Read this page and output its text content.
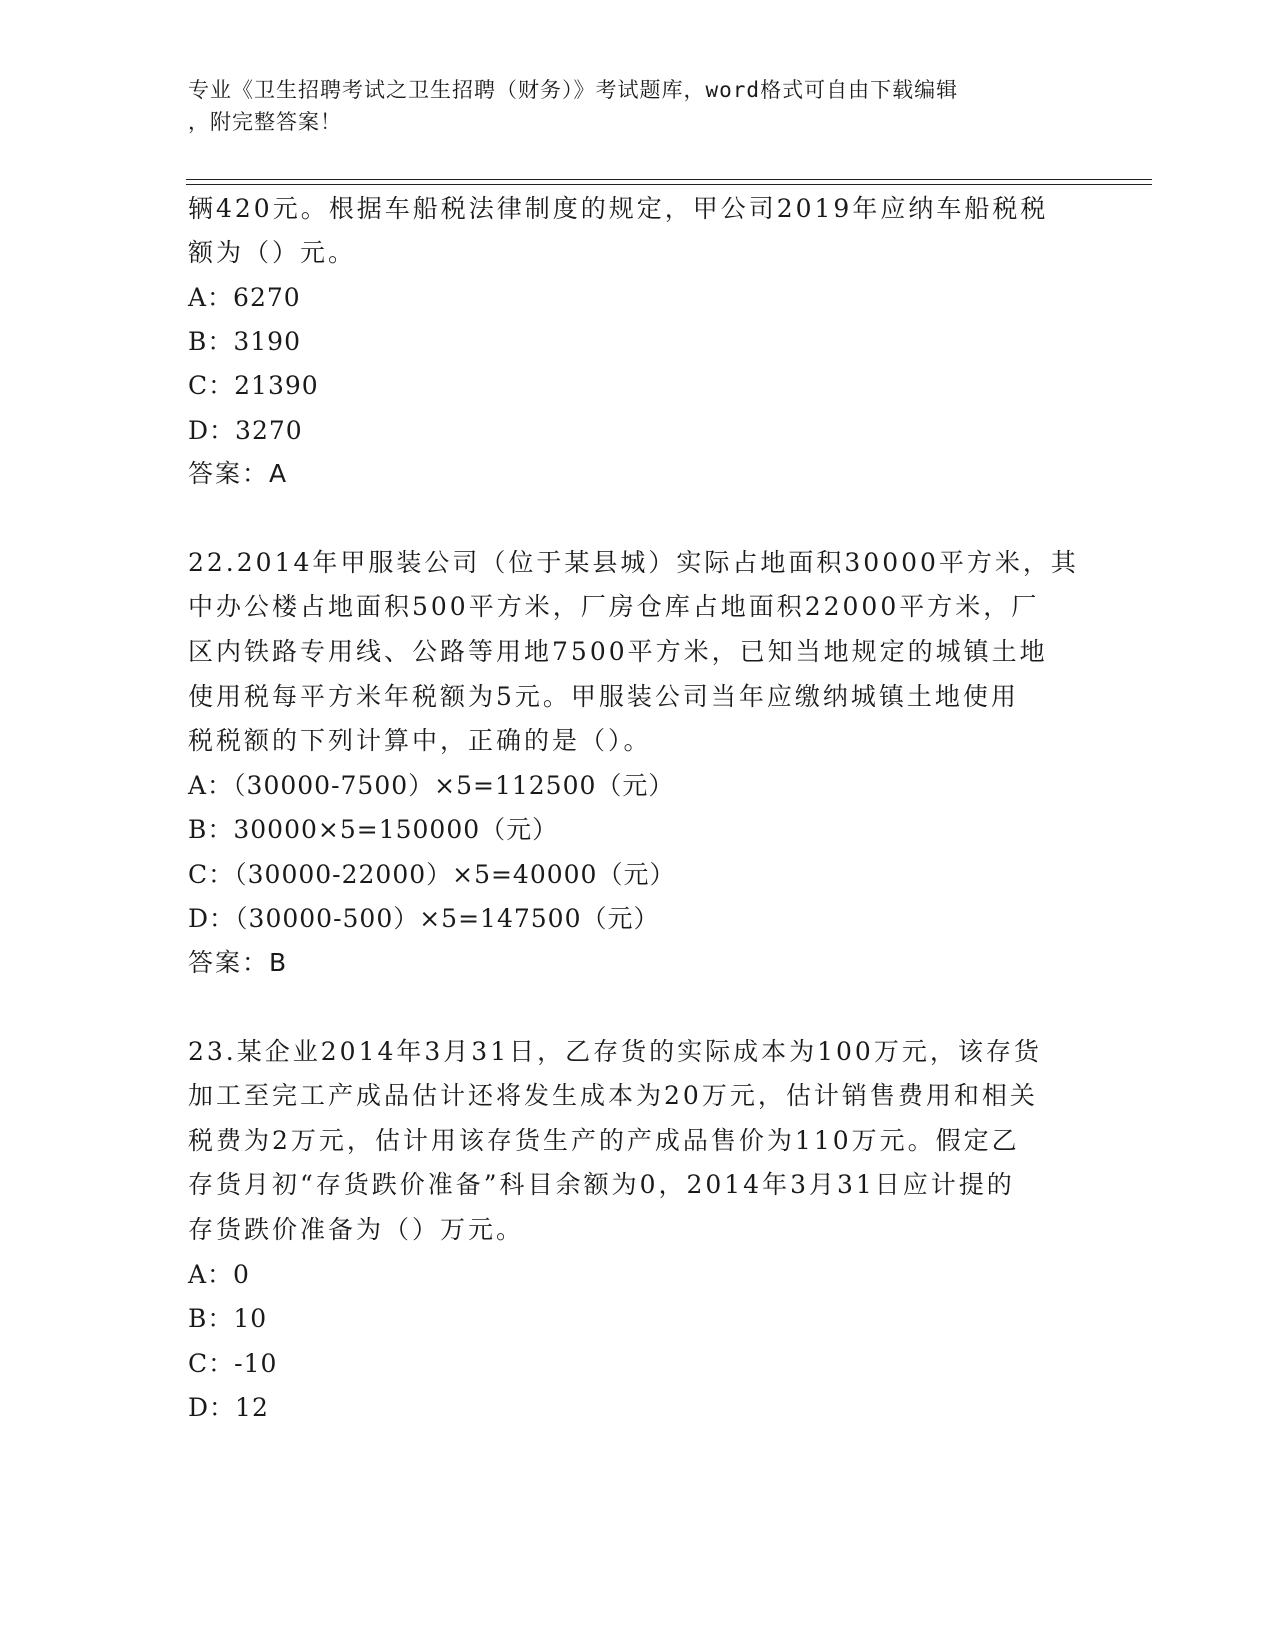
专业《卫生招聘考试之卫生招聘（财务）》考试题库，word格式可自由下载编辑
，附完整答案！
辆420元。根据车船税法律制度的规定，甲公司2019年应纳车船税税
额为（）元。
A：6270
B：3190
C：21390
D：3270
答案：A
22.2014年甲服装公司（位于某县城）实际占地面积30000平方米，其
中办公楼占地面积500平方米，厂房仓库占地面积22000平方米，厂
区内铁路专用线、公路等用地7500平方米，已知当地规定的城镇土地
使用税每平方米年税额为5元。甲服装公司当年应缴纳城镇土地使用
税税额的下列计算中，正确的是（）。
A：（30000-7500）×5=112500（元）
B：30000×5=150000（元）
C：（30000-22000）×5=40000（元）
D：（30000-500）×5=147500（元）
答案：B
23.某企业2014年3月31日，乙存货的实际成本为100万元，该存货
加工至完工产成品估计还将发生成本为20万元，估计销售费用和相关
税费为2万元，估计用该存货生产的产成品售价为110万元。假定乙
存货月初“存货跌价准备”科目余额为0，2014年3月31日应计提的
存货跌价准备为（）万元。
A：0
B：10
C：-10
D：12
